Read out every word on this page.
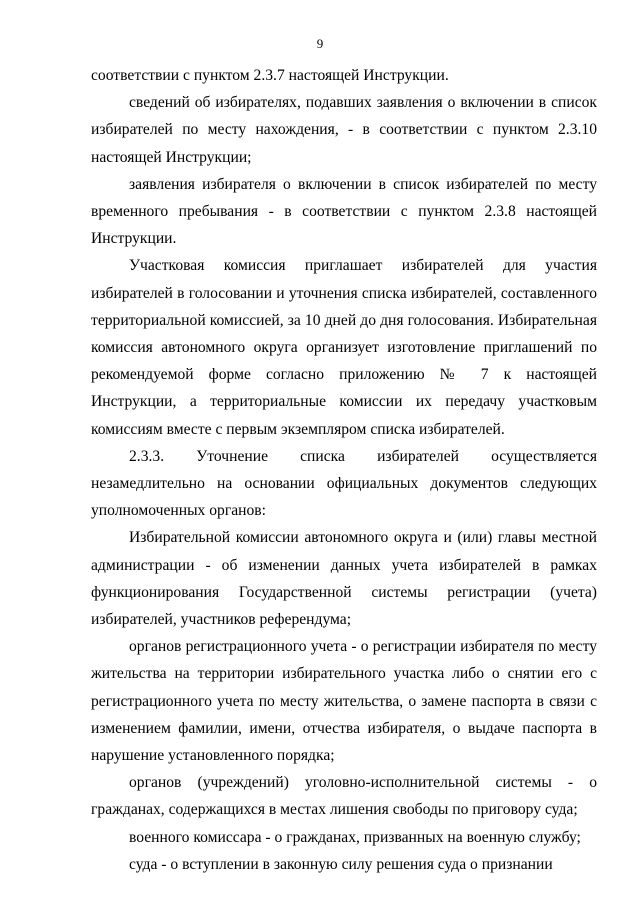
9

соответствии с пунктом 2.3.7 настоящей Инструкции.

сведений об избирателях, подавших заявления о включении в список избирателей по месту нахождения, - в соответствии с пунктом 2.3.10 настоящей Инструкции;

заявления избирателя о включении в список избирателей по месту временного пребывания - в соответствии с пунктом 2.3.8 настоящей Инструкции.

Участковая комиссия приглашает избирателей для участия избирателей в голосовании и уточнения списка избирателей, составленного территориальной комиссией, за 10 дней до дня голосования. Избирательная комиссия автономного округа организует изготовление приглашений по рекомендуемой форме согласно приложению № 7 к настоящей Инструкции, а территориальные комиссии их передачу участковым комиссиям вместе с первым экземпляром списка избирателей.

2.3.3. Уточнение списка избирателей осуществляется незамедлительно на основании официальных документов следующих уполномоченных органов:

Избирательной комиссии автономного округа и (или) главы местной администрации - об изменении данных учета избирателей в рамках функционирования Государственной системы регистрации (учета) избирателей, участников референдума;

органов регистрационного учета - о регистрации избирателя по месту жительства на территории избирательного участка либо о снятии его с регистрационного учета по месту жительства, о замене паспорта в связи с изменением фамилии, имени, отчества избирателя, о выдаче паспорта в нарушение установленного порядка;

органов (учреждений) уголовно-исполнительной системы - о гражданах, содержащихся в местах лишения свободы по приговору суда;

военного комиссара - о гражданах, призванных на военную службу;

суда - о вступлении в законную силу решения суда о признании
